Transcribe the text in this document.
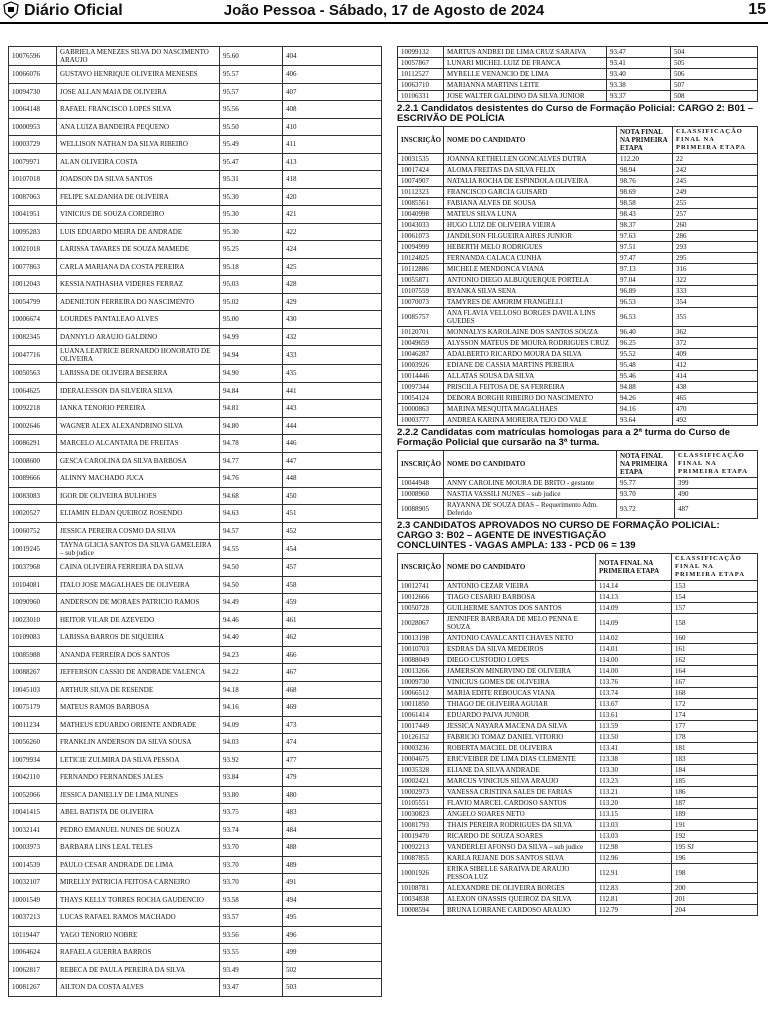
Diário Oficial	João Pessoa - Sábado, 17 de Agosto de 2024	15
10076596	GABRIELA MENEZES SILVA DO NASCIMENTO ARAUJO	95.60	404
10066076	GUSTAVO HENRIQUE OLIVEIRA MENESES	95.57	406
10094730	JOSE ALLAN MAIA DE OLIVEIRA	95.57	407
10064148	RAFAEL FRANCISCO LOPES SILVA	95.56	408
10000953	ANA LUIZA BANDEIRA PEQUENO	95.50	410
10003729	WELLISON NATHAN DA SILVA RIBEIRO	95.49	411
10079971	ALAN OLIVEIRA COSTA	95.47	413
10107018	JOADSON DA SILVA SANTOS	95.31	418
10087063	FELIPE SALDANHA DE OLIVEIRA	95.30	420
10041951	VINICIUS DE SOUZA CORDEIRO	95.30	421
10095283	LUIS EDUARDO MEIRA DE ANDRADE	95.30	422
10021018	LARISSA TAVARES DE SOUZA MAMEDE	95.25	424
10077863	CARLA MARIANA DA COSTA PEREIRA	95.18	425
10012043	KESSIA NATHASHA VIDERES FERRAZ	95.03	428
10054799	ADENILTON FERREIRA DO NASCIMENTO	95.02	429
10006674	LOURDES PANTALEAO ALVES	95.00	430
10082345	DANNYLO ARAUJO GALDINO	94.99	432
10047716	LUANA LEATRICE BERNARDO HONORATO DE OLIVEIRA	94.94	433
10050563	LARISSA DE OLIVEIRA BESERRA	94.90	435
10064625	IDERALESSON DA SILVEIRA SILVA	94.84	441
10092218	IANKA TENORIO PEREIRA	94.81	443
10002646	WAGNER ALEX ALEXANDRINO SILVA	94.80	444
10086291	MARCELO ALCANTARA DE FREITAS	94.78	446
10008600	GESCA CAROLINA DA SILVA BARBOSA	94.77	447
10089666	ALINNY MACHADO JUCA	94.76	448
10083083	IGOR DE OLIVEIRA BULHOES	94.68	450
10020527	ELIAMIN ELDAN QUEIROZ ROSENDO	94.63	451
10060752	JESSICA PEREIRA COSMO DA SILVA	94.57	452
10019245	TAYNA GLICIA SANTOS DA SILVA GAMELEIRA – sub judice	94.55	454
10037968	CAINA OLIVEIRA FERREIRA DA SILVA	94.50	457
10104081	ITALO JOSE MAGALHAES DE OLIVEIRA	94.50	458
10090960	ANDERSON DE MORAES PATRICIO RAMOS	94.49	459
10023010	HEITOR VILAR DE AZEVEDO	94.46	461
10109083	LARISSA BARROS DE SIQUEIRA	94.40	462
10085988	ANANDA FERREIRA DOS SANTOS	94.23	466
10088267	JEFFERSON CASSIO DE ANDRADE VALENCA	94.22	467
10045103	ARTHUR SILVA DE RESENDE	94.18	468
10075179	MATEUS RAMOS BARBOSA	94.16	469
10011234	MATHEUS EDUARDO ORIENTE ANDRADE	94.09	473
10056260	FRANKLIN ANDERSON DA SILVA SOUSA	94.03	474
10079934	LETICIE ZULMIRA DA SILVA PESSOA	93.92	477
10042110	FERNANDO FERNANDES JALES	93.84	479
10052066	JESSICA DANIELLY DE LIMA NUNES	93.80	480
10041415	ABEL BATISTA DE OLIVEIRA	93.75	483
10032141	PEDRO EMANUEL NUNES DE SOUZA	93.74	484
10003973	BARBARA LINS LEAL TELES	93.70	488
10014539	PAULO CESAR ANDRADE DE LIMA	93.70	489
10032107	MIRELLY PATRICIA FEITOSA CARNEIRO	93.70	491
10001549	THAYS KELLY TORRES ROCHA GAUDENCIO	93.58	494
10037213	LUCAS RAFAEL RAMOS MACHADO	93.57	495
10119447	YAGO TENORIO NOBRE	93.56	496
10064624	RAFAELA GUERRA BARROS	93.55	499
10062817	REBECA DE PAULA PEREIRA DA SILVA	93.49	502
10081267	AILTON DA COSTA ALVES	93.47	503
10099132	MARTUS ANDREI DE LIMA CRUZ SARAIVA	93.47	504
10057867	LUNARI MICHEL LUIZ DE FRANCA	93.41	505
10112527	MYRELLE VENANCIO DE LIMA	93.40	506
10063710	MARIANNA MARTINS LEITE	93.38	507
10106331	JOSE WALTER GALDINO DA SILVA JUNIOR	93.37	508
2.2.1 Candidatos desistentes do Curso de Formação Policial: CARGO 2: B01 – ESCRIVÃO DE POLÍCIA
INSCRIÇÃO	NOME DO CANDIDATO	NOTA FINAL NA PRIMEIRA ETAPA	CLASSIFICAÇÃO FINAL NA PRIMEIRA ETAPA
10031535	JOANNA KETHELLEN GONCALVES DUTRA	112.20	22
10017424	ALOMA FREITAS DA SILVA FELIX	98.94	242
10074907	NATALIA ROCHA DE ESPINDOLA OLIVEIRA	98.76	245
10112323	FRANCISCO GARCIA GUISARD	98.69	249
10085561	FABIANA ALVES DE SOUSA	98.58	255
10040998	MATEUS SILVA LUNA	98.43	257
10043033	HUGO LUIZ DE OLIVEIRA VIEIRA	98.37	260
10061073	JANDILSON FILGUEIRA AIRES JUNIOR	97.63	286
10094999	HEBERTH MELO RODRIGUES	97.51	293
10124825	FERNANDA CALACA CUNHA	97.47	295
10112886	MICHELE MENDONCA VIANA	97.13	316
10055871	ANTONIO DIEGO ALBUQUERQUE PORTELA	97.04	322
10107559	BYANKA SILVA SENA	96.89	333
10070073	TAMYRES DE AMORIM FRANGELLI	96.53	354
10085757	ANA FLAVIA VELLOSO BORGES DAVILA LINS GUEDES	96.53	355
10120701	MONNALYS KAROLAINE DOS SANTOS SOUZA	96.40	362
10049659	ALYSSON MATEUS DE MOURA RODRIGUES CRUZ	96.25	372
10046287	ADALBERTO RICARDO MOURA DA SILVA	95.52	409
10003926	EDIANE DE CASSIA MARTINS PEREIRA	95.48	412
10014446	ALLATAS SOUSA DA SILVA	95.46	414
10097344	PRISCILA FEITOSA DE SA FERREIRA	94.88	438
10054124	DEBORA BORGHI RIBEIRO DO NASCIMENTO	94.26	465
10000863	MARINA MESQUITA MAGALHAES	94.16	470
10003777	ANDREA KARINA MOREIRA TEJO DO VALE	93.64	492
2.2.2 Candidatas com matrículas homologas para a 2ª turma do Curso de Formação Policial que cursarão na 3ª turma.
INSCRIÇÃO	NOME DO CANDIDATO	NOTA FINAL NA PRIMEIRA ETAPA	CLASSIFICAÇÃO FINAL NA PRIMEIRA ETAPA
10044948	ANNY CAROLINE MOURA DE BRITO - gestante	95.77	399
10008960	NASTIA VASSILI NUNES – sub judice	93.70	490
10088905	RAYANNA DE SOUZA DIAS – Requerimento Adm. Deferido	93.72	487
2.3 CANDIDATOS APROVADOS NO CURSO DE FORMAÇÃO POLICIAL: CARGO 3: B02 – AGENTE DE INVESTIGAÇÃO
CONCLUINTES - VAGAS AMPLA: 133 - PCD 06 = 139
INSCRIÇÃO	NOME DO CANDIDATO	NOTA FINAL NA PRIMEIRA ETAPA	CLASSIFICAÇÃO FINAL NA PRIMEIRA ETAPA
10012741	ANTONIO CEZAR VIEIRA	114.14	153
10012666	TIAGO CESARIO BARBOSA	114.13	154
10050728	GUILHERME SANTOS DOS SANTOS	114.09	157
10028067	JENNIFER BARBARA DE MELO PENNA E SOUZA	114.09	158
10013198	ANTONIO CAVALCANTI CHAVES NETO	114.02	160
10010703	ESDRAS DA SILVA MEDEIROS	114.01	161
10088049	DIEGO CUSTODIO LOPES	114.00	162
10013266	JAMERSON MINERVINO DE OLIVEIRA	114.00	164
10009730	VINICIUS GOMES DE OLIVEIRA	113.76	167
10066512	MARIA EDITE REBOUCAS VIANA	113.74	168
10011850	THIAGO DE OLIVEIRA AGUIAR	113.67	172
10061414	EDUARDO PAIVA JUNIOR	113.61	174
10017449	JESSICA NAYARA MACENA DA SILVA	113.59	177
10126152	FABRICIO TOMAZ DANIEL VITORIO	113.50	178
10003236	ROBERTA MACIEL DE OLIVEIRA	113.41	181
10004675	ERICVEIBER DE LIMA DIAS CLEMENTE	113.38	183
10035328	ELIANE DA SILVA ANDRADE	113.30	184
10002421	MARCUS VINICIUS SILVA ARAUJO	113.23	185
10002973	VANESSA CRISTINA SALES DE FARIAS	113.21	186
10105551	FLAVIO MARCEL CARDOSO SANTOS	113.20	187
10030823	ANGELO SOARES NETO	113.15	189
10081793	THAIS PEREIRA RODRIGUES DA SILVA	113.03	191
10019470	RICARDO DE SOUZA SOARES	113.03	192
10092213	VANDERLEI AFONSO DA SILVA – sub judice	112.98	195 SJ
10087855	KARLA REJANE DOS SANTOS SILVA	112.96	196
10001926	ERIKA SIBELLE SARAIVA DE ARAUJO PESSOA LUZ	112.91	198
10108781	ALEXANDRE DE OLIVEIRA BORGES	112.83	200
10034838	ALEXON ONASSIS QUEIROZ DA SILVA	112.81	201
10008594	BRUNA LORRANE CARDOSO ARAUJO	112.79	204
